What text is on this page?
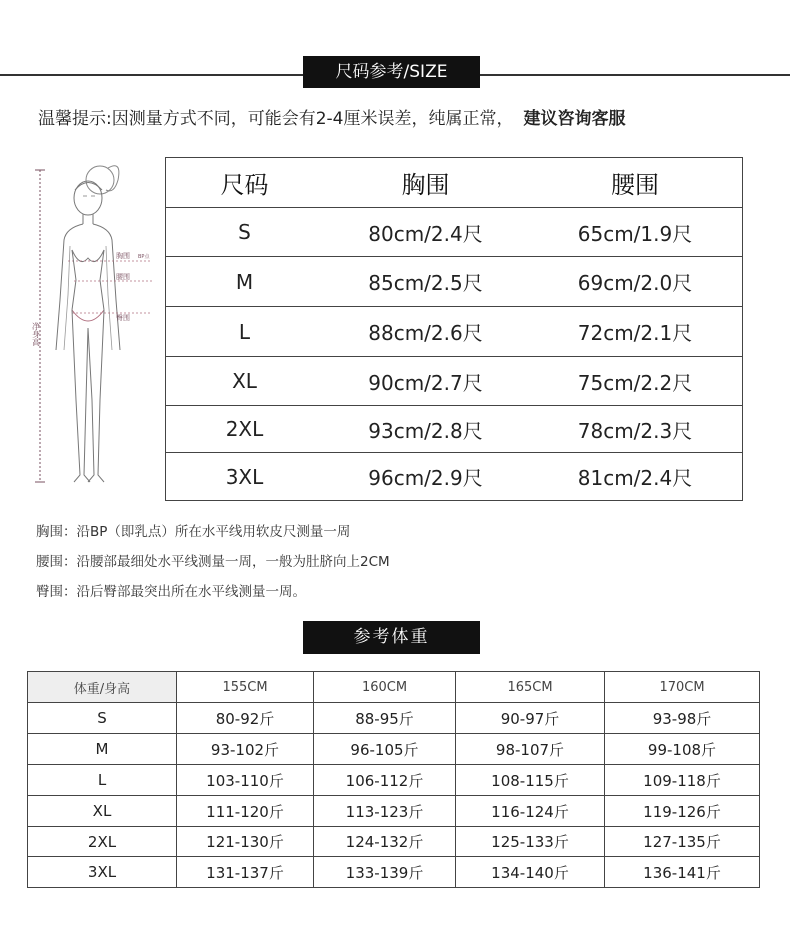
尺码参考/SIZE
温馨提示:因测量方式不同，可能会有2-4厘米误差，纯属正常， 建议咨询客服
净身高
胸围 BP点
腰围
臀围
尺码	胸围	腰围
S	80cm/2.4尺	65cm/1.9尺
M	85cm/2.5尺	69cm/2.0尺
L	88cm/2.6尺	72cm/2.1尺
XL	90cm/2.7尺	75cm/2.2尺
2XL	93cm/2.8尺	78cm/2.3尺
3XL	96cm/2.9尺	81cm/2.4尺
胸围：沿BP（即乳点）所在水平线用软皮尺测量一周
腰围：沿腰部最细处水平线测量一周，一般为肚脐向上2CM
臀围：沿后臀部最突出所在水平线测量一周。
参考体重
体重/身高	155CM	160CM	165CM	170CM
S	80-92斤	88-95斤	90-97斤	93-98斤
M	93-102斤	96-105斤	98-107斤	99-108斤
L	103-110斤	106-112斤	108-115斤	109-118斤
XL	111-120斤	113-123斤	116-124斤	119-126斤
2XL	121-130斤	124-132斤	125-133斤	127-135斤
3XL	131-137斤	133-139斤	134-140斤	136-141斤
